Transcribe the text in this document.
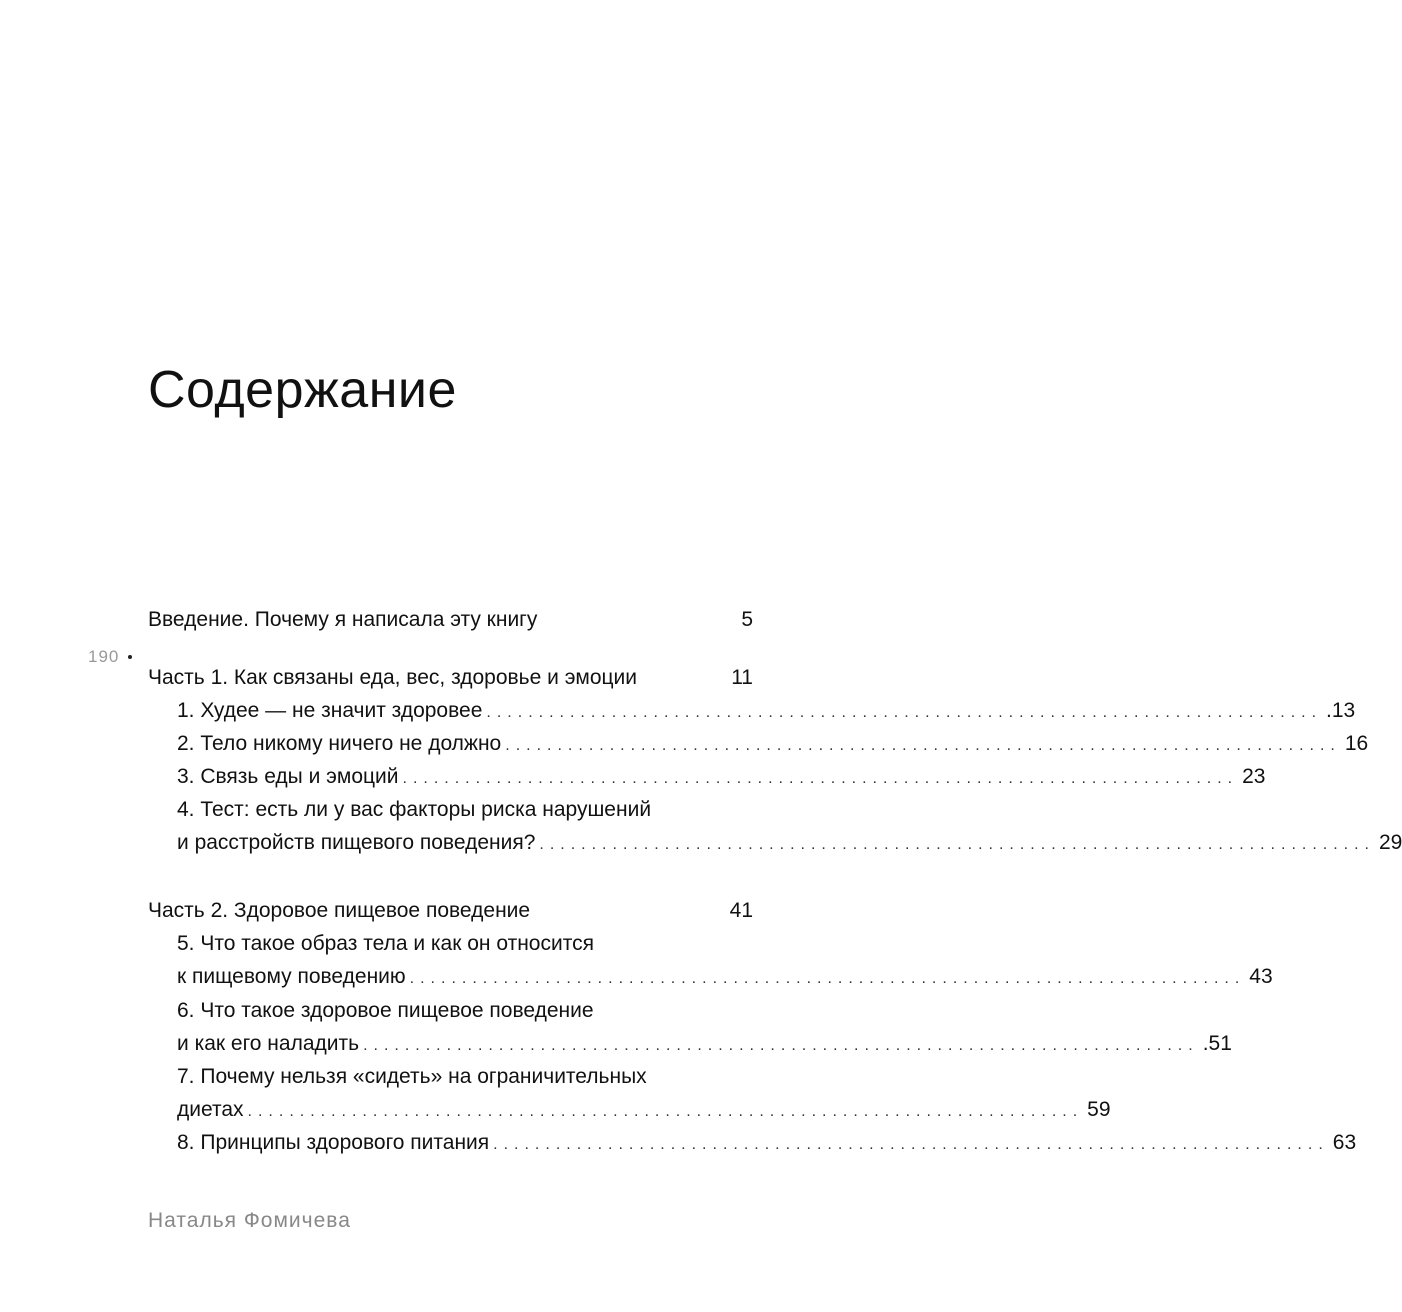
Содержание
190
Введение. Почему я написала эту книгу	5
Часть 1. Как связаны еда, вес, здоровье и эмоции	11
1. Худее — не значит здоровее ................................................................................ .13
2. Тело никому ничего не должно ................................................................................ 16
3. Связь еды и эмоций ................................................................................ 23
4. Тест: есть ли у вас факторы риска нарушений
и расстройств пищевого поведения? ................................................................................ 29
Часть 2. Здоровое пищевое поведение	41
5. Что такое образ тела и как он относится
к пищевому поведению ................................................................................ 43
6. Что такое здоровое пищевое поведение
и как его наладить ................................................................................ .51
7. Почему нельзя «сидеть» на ограничительных
диетах ................................................................................ 59
8. Принципы здорового питания ................................................................................ 63
Наталья Фомичева
